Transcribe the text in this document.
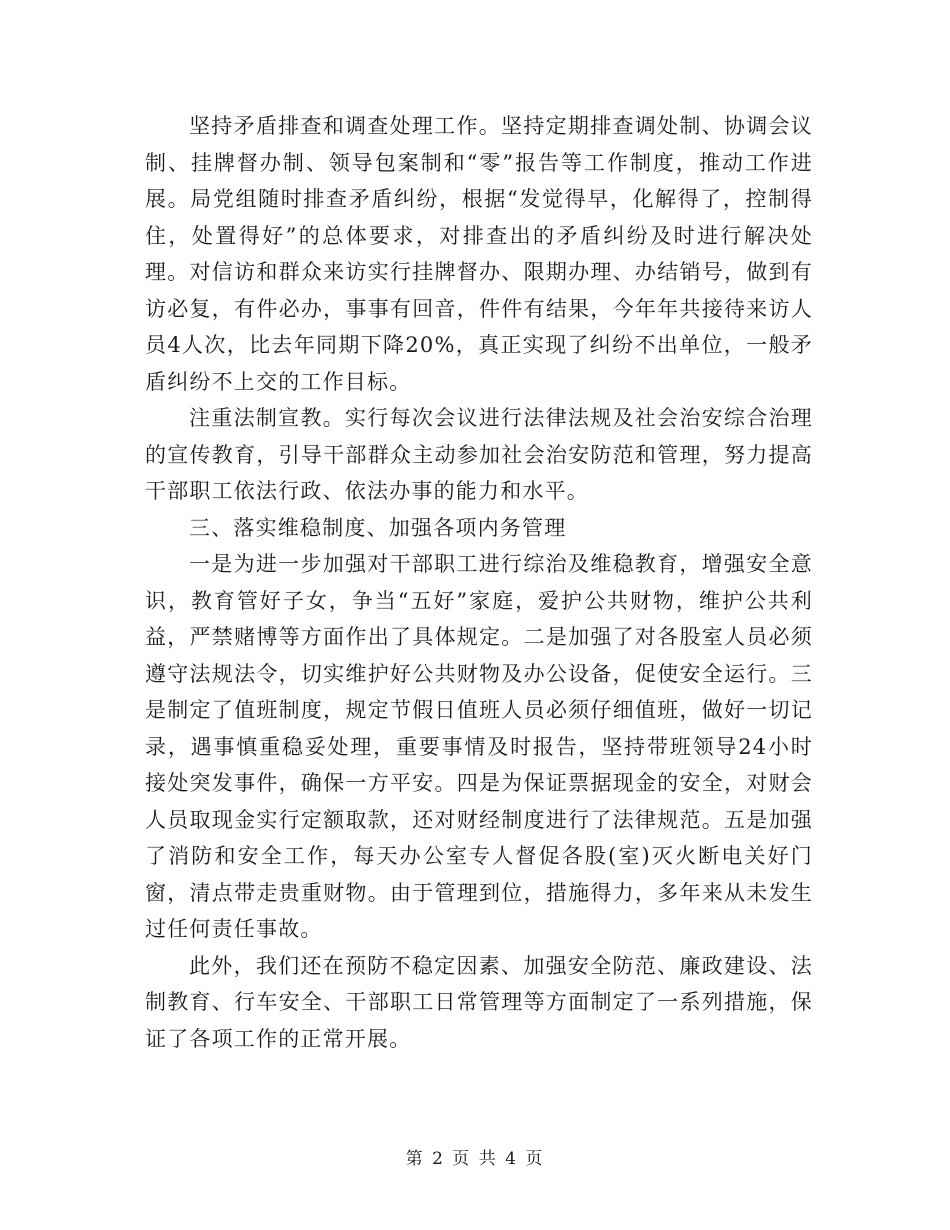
坚持矛盾排查和调查处理工作。坚持定期排查调处制、协调会议制、挂牌督办制、领导包案制和“零”报告等工作制度，推动工作进展。局党组随时排查矛盾纠纷，根据“发觉得早，化解得了，控制得住，处置得好”的总体要求，对排查出的矛盾纠纷及时进行解决处理。对信访和群众来访实行挂牌督办、限期办理、办结销号，做到有访必复，有件必办，事事有回音，件件有结果，今年年共接待来访人员4人次，比去年同期下降20%，真正实现了纠纷不出单位，一般矛盾纠纷不上交的工作目标。

注重法制宣教。实行每次会议进行法律法规及社会治安综合治理的宣传教育，引导干部群众主动参加社会治安防范和管理，努力提高干部职工依法行政、依法办事的能力和水平。

三、落实维稳制度、加强各项内务管理

一是为进一步加强对干部职工进行综治及维稳教育，增强安全意识，教育管好子女，争当“五好”家庭，爱护公共财物，维护公共利益，严禁赌博等方面作出了具体规定。二是加强了对各股室人员必须遵守法规法令，切实维护好公共财物及办公设备，促使安全运行。三是制定了值班制度，规定节假日值班人员必须仔细值班，做好一切记录，遇事慎重稳妥处理，重要事情及时报告，坚持带班领导24小时接处突发事件，确保一方平安。四是为保证票据现金的安全，对财会人员取现金实行定额取款，还对财经制度进行了法律规范。五是加强了消防和安全工作，每天办公室专人督促各股(室)灭火断电关好门窗，清点带走贵重财物。由于管理到位，措施得力，多年来从未发生过任何责任事故。

此外，我们还在预防不稳定因素、加强安全防范、廉政建设、法制教育、行车安全、干部职工日常管理等方面制定了一系列措施，保证了各项工作的正常开展。

第 2 页 共 4 页
